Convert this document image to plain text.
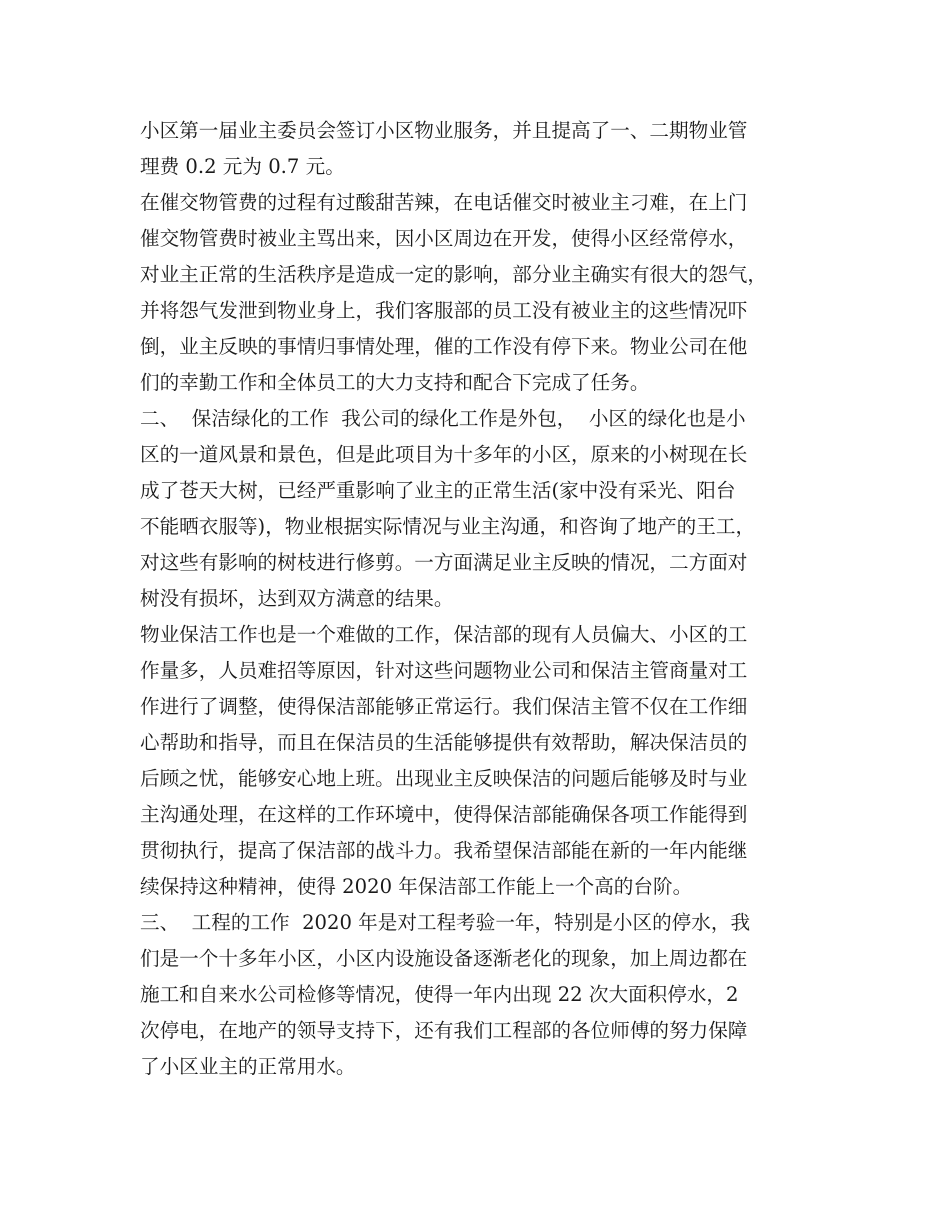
小区第一届业主委员会签订小区物业服务，并且提高了一、二期物业管
理费 0.2 元为 0.7 元。
在催交物管费的过程有过酸甜苦辣，在电话催交时被业主刁难，在上门
催交物管费时被业主骂出来，因小区周边在开发，使得小区经常停水，
对业主正常的生活秩序是造成一定的影响，部分业主确实有很大的怨气，
并将怨气发泄到物业身上，我们客服部的员工没有被业主的这些情况吓
倒，业主反映的事情归事情处理，催的工作没有停下来。物业公司在他
们的幸勤工作和全体员工的大力支持和配合下完成了任务。
二、  保洁绿化的工作  我公司的绿化工作是外包，  小区的绿化也是小
区的一道风景和景色，但是此项目为十多年的小区，原来的小树现在长
成了苍天大树，已经严重影响了业主的正常生活(家中没有采光、阳台
不能晒衣服等)，物业根据实际情况与业主沟通，和咨询了地产的王工，
对这些有影响的树枝进行修剪。一方面满足业主反映的情况，二方面对
树没有损坏，达到双方满意的结果。
物业保洁工作也是一个难做的工作，保洁部的现有人员偏大、小区的工
作量多，人员难招等原因，针对这些问题物业公司和保洁主管商量对工
作进行了调整，使得保洁部能够正常运行。我们保洁主管不仅在工作细
心帮助和指导，而且在保洁员的生活能够提供有效帮助，解决保洁员的
后顾之忧，能够安心地上班。出现业主反映保洁的问题后能够及时与业
主沟通处理，在这样的工作环境中，使得保洁部能确保各项工作能得到
贯彻执行，提高了保洁部的战斗力。我希望保洁部能在新的一年内能继
续保持这种精神，使得 2020 年保洁部工作能上一个高的台阶。
三、  工程的工作  2020 年是对工程考验一年，特别是小区的停水，我
们是一个十多年小区，小区内设施设备逐渐老化的现象，加上周边都在
施工和自来水公司检修等情况，使得一年内出现 22 次大面积停水，2
次停电，在地产的领导支持下，还有我们工程部的各位师傅的努力保障
了小区业主的正常用水。
